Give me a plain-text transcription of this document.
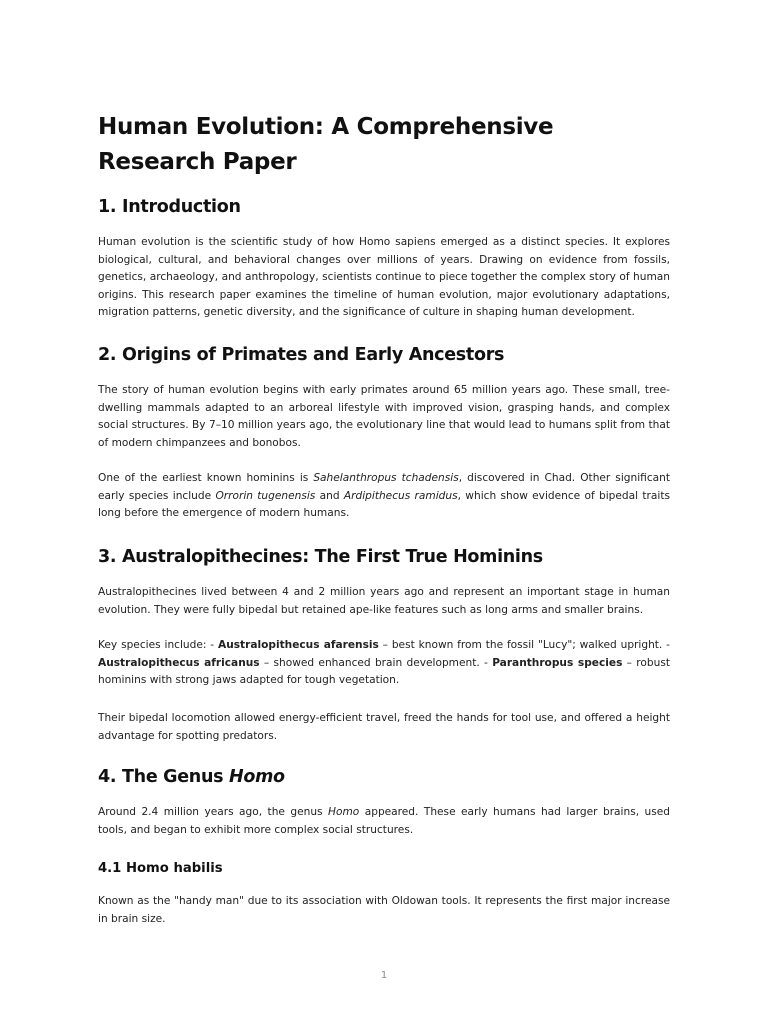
Human Evolution: A Comprehensive Research Paper
1. Introduction

Human evolution is the scientific study of how Homo sapiens emerged as a distinct species. It explores biological, cultural, and behavioral changes over millions of years. Drawing on evidence from fossils, genetics, archaeology, and anthropology, scientists continue to piece together the complex story of human origins. This research paper examines the timeline of human evolution, major evolutionary adaptations, migration patterns, genetic diversity, and the significance of culture in shaping human development.

2. Origins of Primates and Early Ancestors

The story of human evolution begins with early primates around 65 million years ago. These small, tree-dwelling mammals adapted to an arboreal lifestyle with improved vision, grasping hands, and complex social structures. By 7–10 million years ago, the evolutionary line that would lead to humans split from that of modern chimpanzees and bonobos.

One of the earliest known hominins is Sahelanthropus tchadensis, discovered in Chad. Other significant early species include Orrorin tugenensis and Ardipithecus ramidus, which show evidence of bipedal traits long before the emergence of modern humans.

3. Australopithecines: The First True Hominins

Australopithecines lived between 4 and 2 million years ago and represent an important stage in human evolution. They were fully bipedal but retained ape-like features such as long arms and smaller brains.

Key species include: - Australopithecus afarensis – best known from the fossil "Lucy"; walked upright. - Australopithecus africanus – showed enhanced brain development. - Paranthropus species – robust hominins with strong jaws adapted for tough vegetation.

Their bipedal locomotion allowed energy-efficient travel, freed the hands for tool use, and offered a height advantage for spotting predators.

4. The Genus Homo

Around 2.4 million years ago, the genus Homo appeared. These early humans had larger brains, used tools, and began to exhibit more complex social structures.

4.1 Homo habilis

Known as the "handy man" due to its association with Oldowan tools. It represents the first major increase in brain size.

1
